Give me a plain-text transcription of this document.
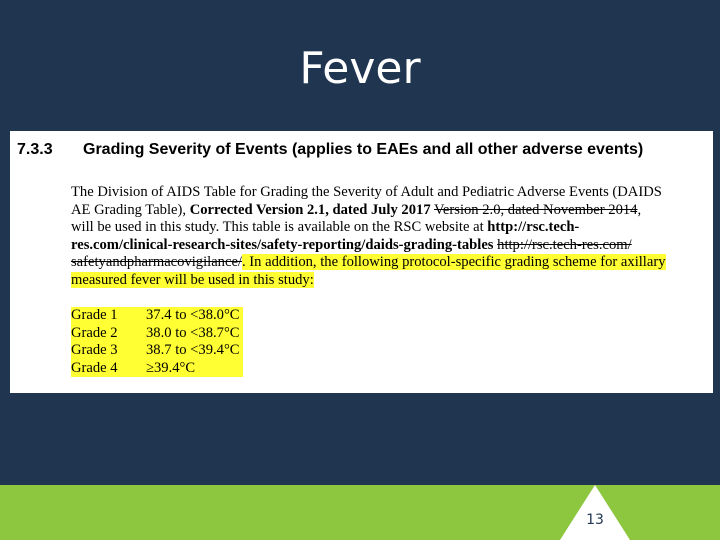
Fever
7.3.3 Grading Severity of Events (applies to EAEs and all other adverse events)
The Division of AIDS Table for Grading the Severity of Adult and Pediatric Adverse Events (DAIDS
AE Grading Table), Corrected Version 2.1, dated July 2017 Version 2.0, dated November 2014,
will be used in this study. This table is available on the RSC website at http://rsc.tech-
res.com/clinical-research-sites/safety-reporting/daids-grading-tables http://rsc.tech-res.com/
safetyandpharmacovigilance/. In addition, the following protocol-specific grading scheme for axillary
measured fever will be used in this study:
Grade 1	37.4 to <38.0°C
Grade 2	38.0 to <38.7°C
Grade 3	38.7 to <39.4°C
Grade 4	≥39.4°C
13
